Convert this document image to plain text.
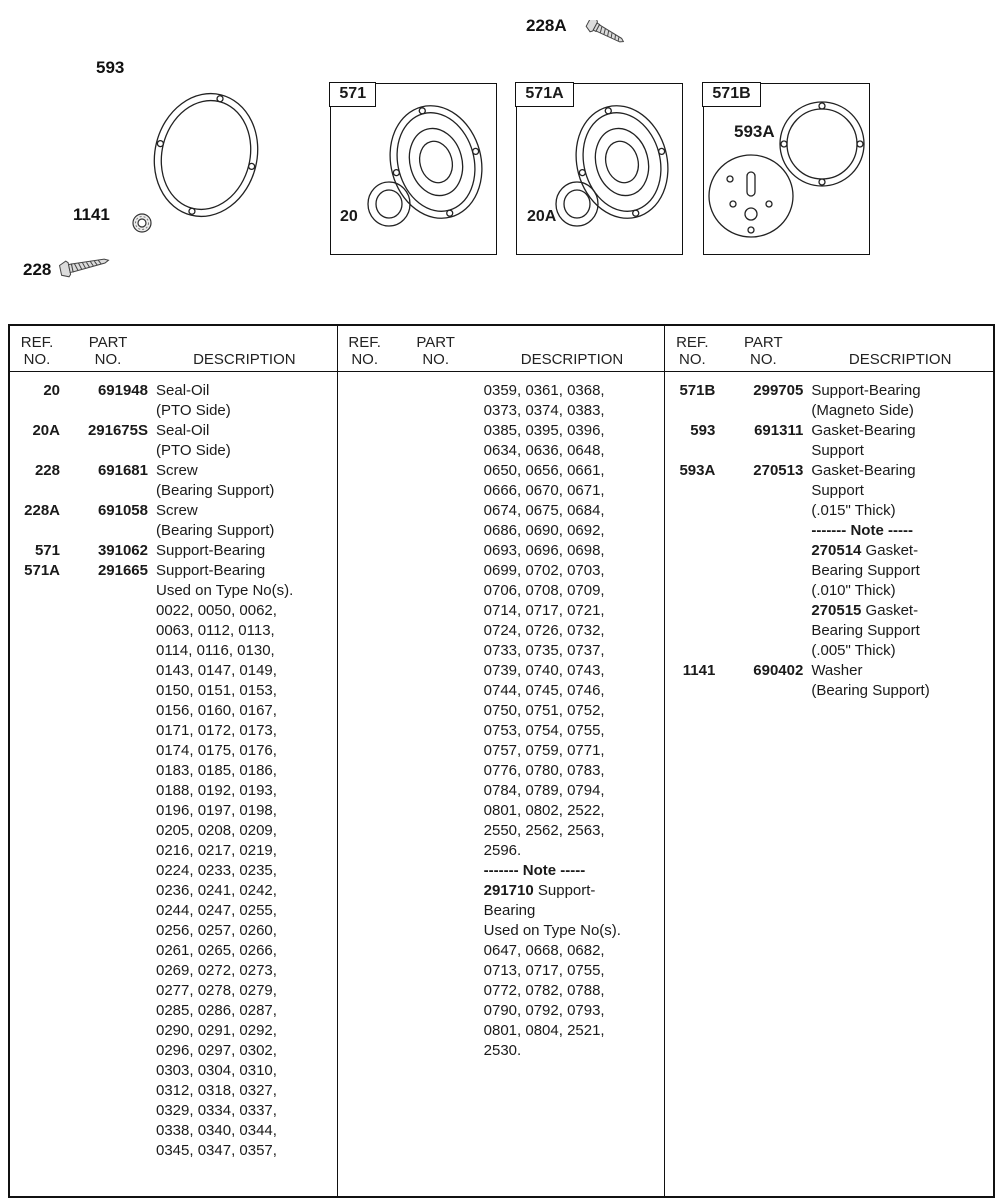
228A
593
1141
228
571
20
571A
20A
571B
593A
REF.
NO.
PART
NO.	DESCRIPTION
20	691948 Seal-Oil
(PTO Side)
20A	291675S Seal-Oil
(PTO Side)
228	691681 Screw
(Bearing Support)
228A	691058 Screw
(Bearing Support)
571	391062 Support-Bearing
571A	291665 Support-Bearing
Used on Type No(s).
0022, 0050, 0062,
0063, 0112, 0113,
0114, 0116, 0130,
0143, 0147, 0149,
0150, 0151, 0153,
0156, 0160, 0167,
0171, 0172, 0173,
0174, 0175, 0176,
0183, 0185, 0186,
0188, 0192, 0193,
0196, 0197, 0198,
0205, 0208, 0209,
0216, 0217, 0219,
0224, 0233, 0235,
0236, 0241, 0242,
0244, 0247, 0255,
0256, 0257, 0260,
0261, 0265, 0266,
0269, 0272, 0273,
0277, 0278, 0279,
0285, 0286, 0287,
0290, 0291, 0292,
0296, 0297, 0302,
0303, 0304, 0310,
0312, 0318, 0327,
0329, 0334, 0337,
0338, 0340, 0344,
0345, 0347, 0357,
REF.
NO.
PART
NO.	DESCRIPTION
0359, 0361, 0368,
0373, 0374, 0383,
0385, 0395, 0396,
0634, 0636, 0648,
0650, 0656, 0661,
0666, 0670, 0671,
0674, 0675, 0684,
0686, 0690, 0692,
0693, 0696, 0698,
0699, 0702, 0703,
0706, 0708, 0709,
0714, 0717, 0721,
0724, 0726, 0732,
0733, 0735, 0737,
0739, 0740, 0743,
0744, 0745, 0746,
0750, 0751, 0752,
0753, 0754, 0755,
0757, 0759, 0771,
0776, 0780, 0783,
0784, 0789, 0794,
0801, 0802, 2522,
2550, 2562, 2563,
2596.
------- Note -----
291710 Support-
Bearing
Used on Type No(s).
0647, 0668, 0682,
0713, 0717, 0755,
0772, 0782, 0788,
0790, 0792, 0793,
0801, 0804, 2521,
2530.
REF.
NO.
PART
NO.	DESCRIPTION
571B	299705 Support-Bearing
(Magneto Side)
593	691311 Gasket-Bearing
Support
593A	270513 Gasket-Bearing
Support
(.015" Thick)
------- Note -----
270514 Gasket-
Bearing Support
(.010" Thick)
270515 Gasket-
Bearing Support
(.005" Thick)
1141	690402 Washer
(Bearing Support)
